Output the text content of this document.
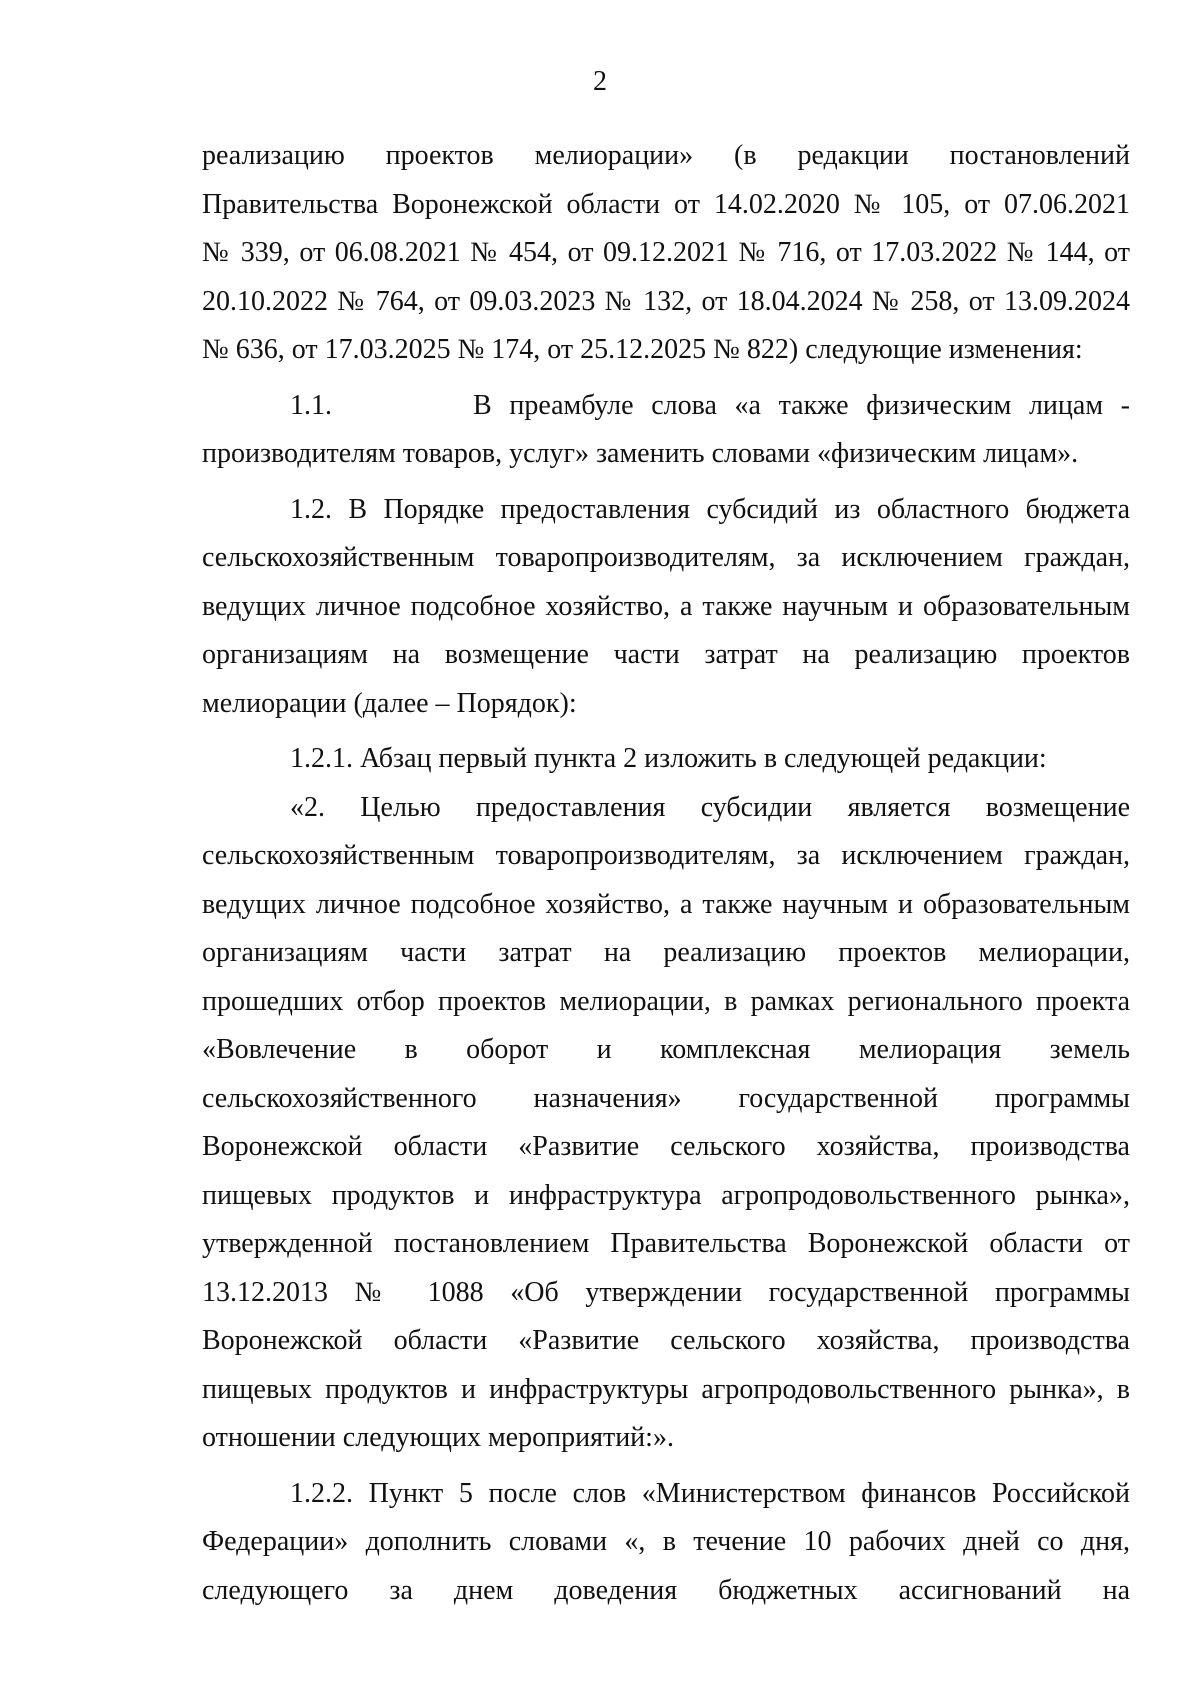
2

реализацию проектов мелиорации» (в редакции постановлений
Правительства Воронежской области от 14.02.2020 № 105, от 07.06.2021
№ 339, от 06.08.2021 № 454, от 09.12.2021 № 716, от 17.03.2022 № 144, от
20.10.2022 № 764, от 09.03.2023 № 132, от 18.04.2024 № 258, от 13.09.2024
№ 636, от 17.03.2025 № 174, от 25.12.2025 № 822) следующие изменения:

1.1.        В преамбуле слова «а также физическим лицам -
производителям товаров, услуг» заменить словами «физическим лицам».

1.2. В Порядке предоставления субсидий из областного бюджета
сельскохозяйственным товаропроизводителям, за исключением граждан,
ведущих личное подсобное хозяйство, а также научным и образовательным
организациям на возмещение части затрат на реализацию проектов
мелиорации (далее – Порядок):

1.2.1. Абзац первый пункта 2 изложить в следующей редакции:

«2. Целью предоставления субсидии является возмещение
сельскохозяйственным товаропроизводителям, за исключением граждан,
ведущих личное подсобное хозяйство, а также научным и образовательным
организациям части затрат на реализацию проектов мелиорации,
прошедших отбор проектов мелиорации, в рамках регионального проекта
«Вовлечение в оборот и комплексная мелиорация земель
сельскохозяйственного назначения» государственной программы
Воронежской области «Развитие сельского хозяйства, производства
пищевых продуктов и инфраструктура агропродовольственного рынка»,
утвержденной постановлением Правительства Воронежской области от
13.12.2013 № 1088 «Об утверждении государственной программы
Воронежской области «Развитие сельского хозяйства, производства
пищевых продуктов и инфраструктуры агропродовольственного рынка», в
отношении следующих мероприятий:».

1.2.2. Пункт 5 после слов «Министерством финансов Российской
Федерации» дополнить словами «, в течение 10 рабочих дней со дня,
следующего за днем доведения бюджетных ассигнований на
